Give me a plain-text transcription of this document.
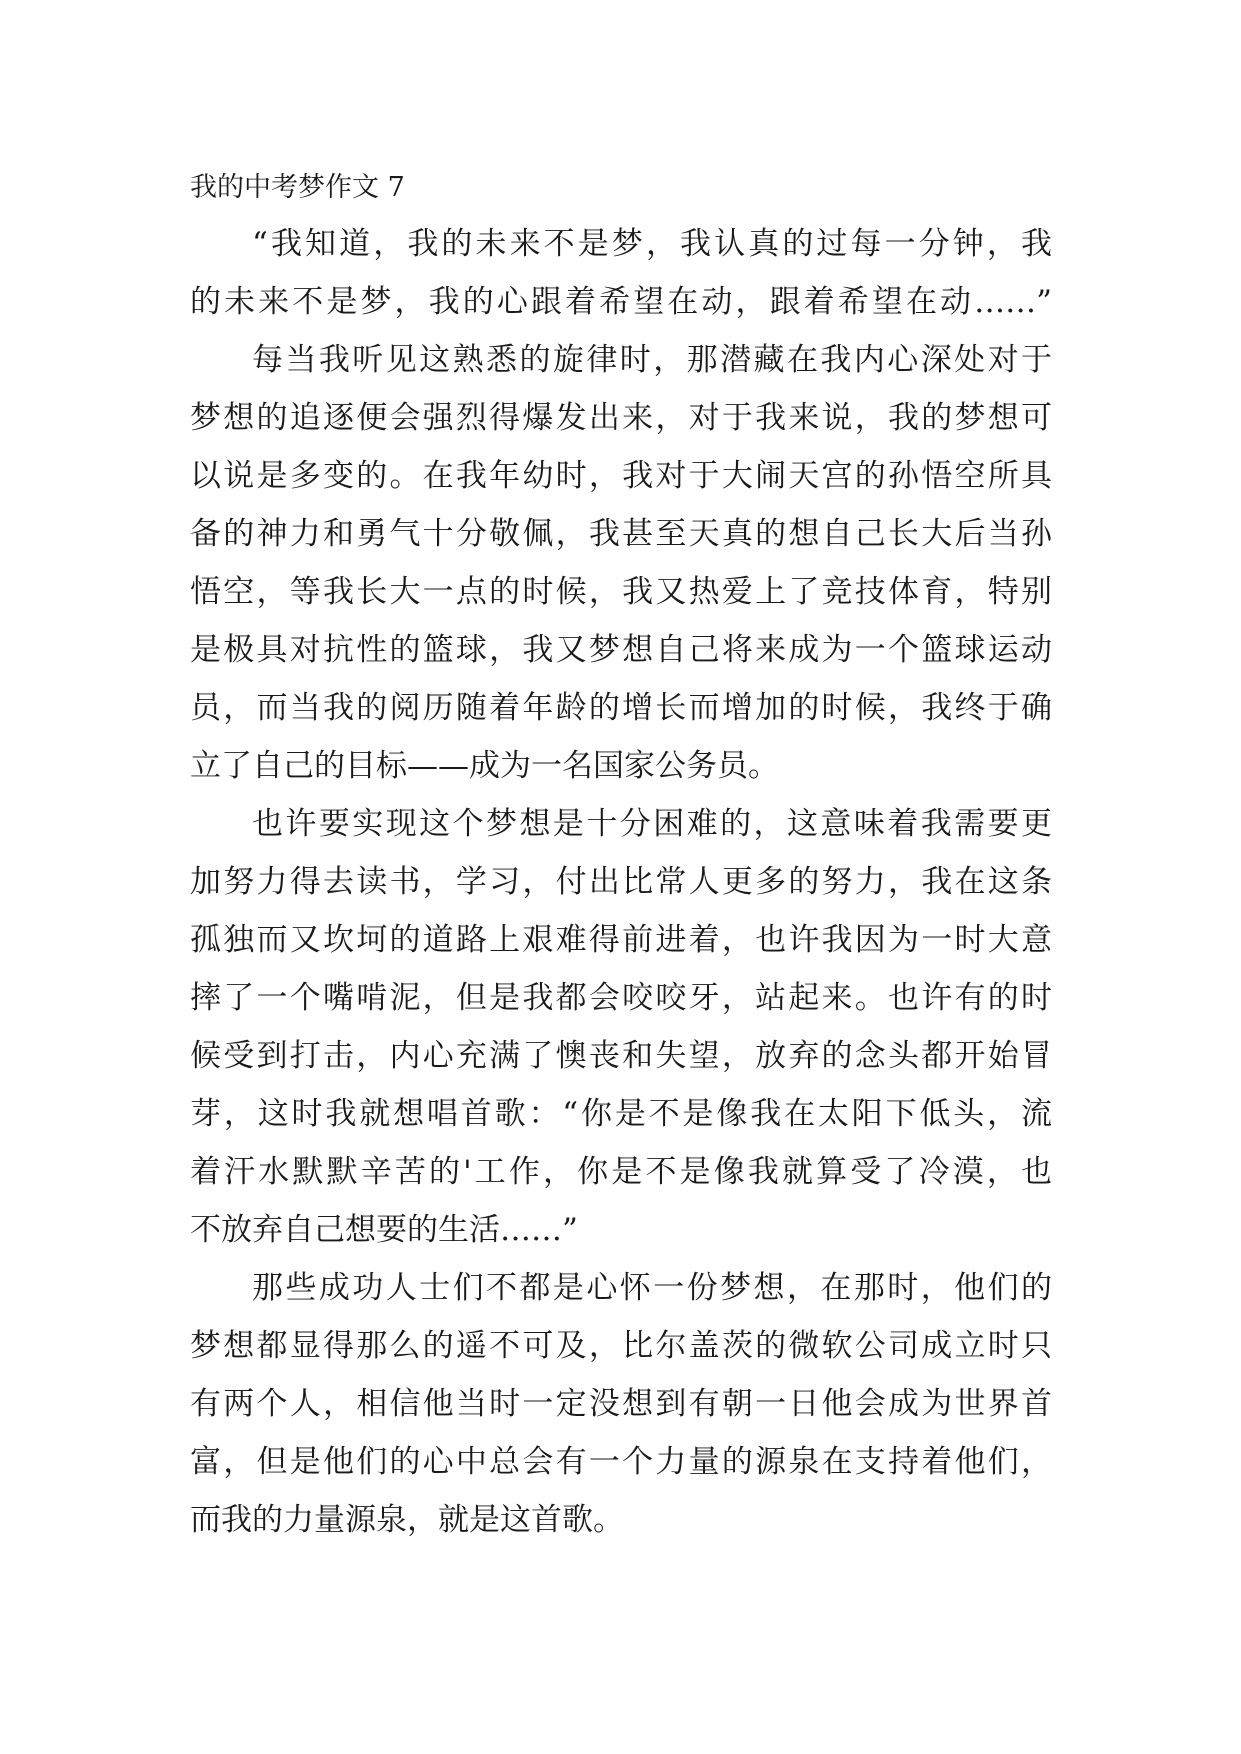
我的中考梦作文 7
“我知道，我的未来不是梦，我认真的过每一分钟，我
的未来不是梦，我的心跟着希望在动，跟着希望在动……”
每当我听见这熟悉的旋律时，那潜藏在我内心深处对于
梦想的追逐便会强烈得爆发出来，对于我来说，我的梦想可
以说是多变的。在我年幼时，我对于大闹天宫的孙悟空所具
备的神力和勇气十分敬佩，我甚至天真的想自己长大后当孙
悟空，等我长大一点的时候，我又热爱上了竞技体育，特别
是极具对抗性的篮球，我又梦想自己将来成为一个篮球运动
员，而当我的阅历随着年龄的增长而增加的时候，我终于确
立了自己的目标——成为一名国家公务员。
也许要实现这个梦想是十分困难的，这意味着我需要更
加努力得去读书，学习，付出比常人更多的努力，我在这条
孤独而又坎坷的道路上艰难得前进着，也许我因为一时大意
摔了一个嘴啃泥，但是我都会咬咬牙，站起来。也许有的时
候受到打击，内心充满了懊丧和失望，放弃的念头都开始冒
芽，这时我就想唱首歌：“你是不是像我在太阳下低头，流
着汗水默默辛苦的'工作，你是不是像我就算受了冷漠，也
不放弃自己想要的生活……”
那些成功人士们不都是心怀一份梦想，在那时，他们的
梦想都显得那么的遥不可及，比尔盖茨的微软公司成立时只
有两个人，相信他当时一定没想到有朝一日他会成为世界首
富，但是他们的心中总会有一个力量的源泉在支持着他们，
而我的力量源泉，就是这首歌。
